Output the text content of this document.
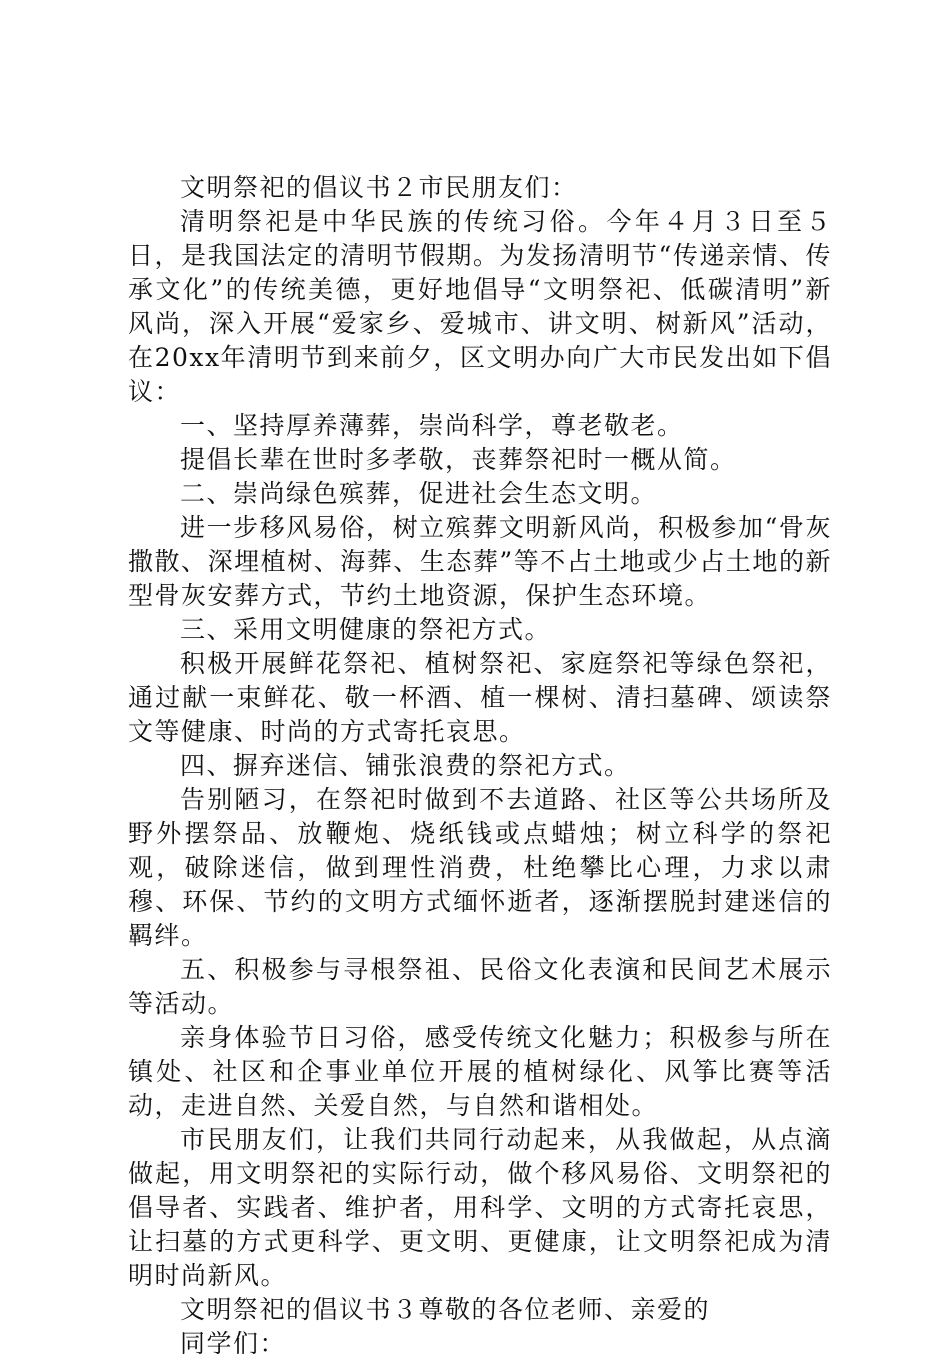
文明祭祀的倡议书２市民朋友们：

清明祭祀是中华民族的传统习俗。今年４月３日至５日，是我国法定的清明节假期。为发扬清明节“传递亲情、传承文化”的传统美德，更好地倡导“文明祭祀、低碳清明”新风尚，深入开展“爱家乡、爱城市、讲文明、树新风”活动，在20xx年清明节到来前夕，区文明办向广大市民发出如下倡议：

一、坚持厚养薄葬，崇尚科学，尊老敬老。

提倡长辈在世时多孝敬，丧葬祭祀时一概从简。

二、崇尚绿色殡葬，促进社会生态文明。

进一步移风易俗，树立殡葬文明新风尚，积极参加“骨灰撒散、深埋植树、海葬、生态葬”等不占土地或少占土地的新型骨灰安葬方式，节约土地资源，保护生态环境。

三、采用文明健康的祭祀方式。

积极开展鲜花祭祀、植树祭祀、家庭祭祀等绿色祭祀，通过献一束鲜花、敬一杯酒、植一棵树、清扫墓碑、颂读祭文等健康、时尚的方式寄托哀思。

四、摒弃迷信、铺张浪费的祭祀方式。

告别陋习，在祭祀时做到不去道路、社区等公共场所及野外摆祭品、放鞭炮、烧纸钱或点蜡烛；树立科学的祭祀观，破除迷信，做到理性消费，杜绝攀比心理，力求以肃穆、环保、节约的文明方式缅怀逝者，逐渐摆脱封建迷信的羁绊。

五、积极参与寻根祭祖、民俗文化表演和民间艺术展示等活动。

亲身体验节日习俗，感受传统文化魅力；积极参与所在镇处、社区和企事业单位开展的植树绿化、风筝比赛等活动，走进自然、关爱自然，与自然和谐相处。

市民朋友们，让我们共同行动起来，从我做起，从点滴做起，用文明祭祀的实际行动，做个移风易俗、文明祭祀的倡导者、实践者、维护者，用科学、文明的方式寄托哀思，让扫墓的方式更科学、更文明、更健康，让文明祭祀成为清明时尚新风。

文明祭祀的倡议书３尊敬的各位老师、亲爱的

同学们：
